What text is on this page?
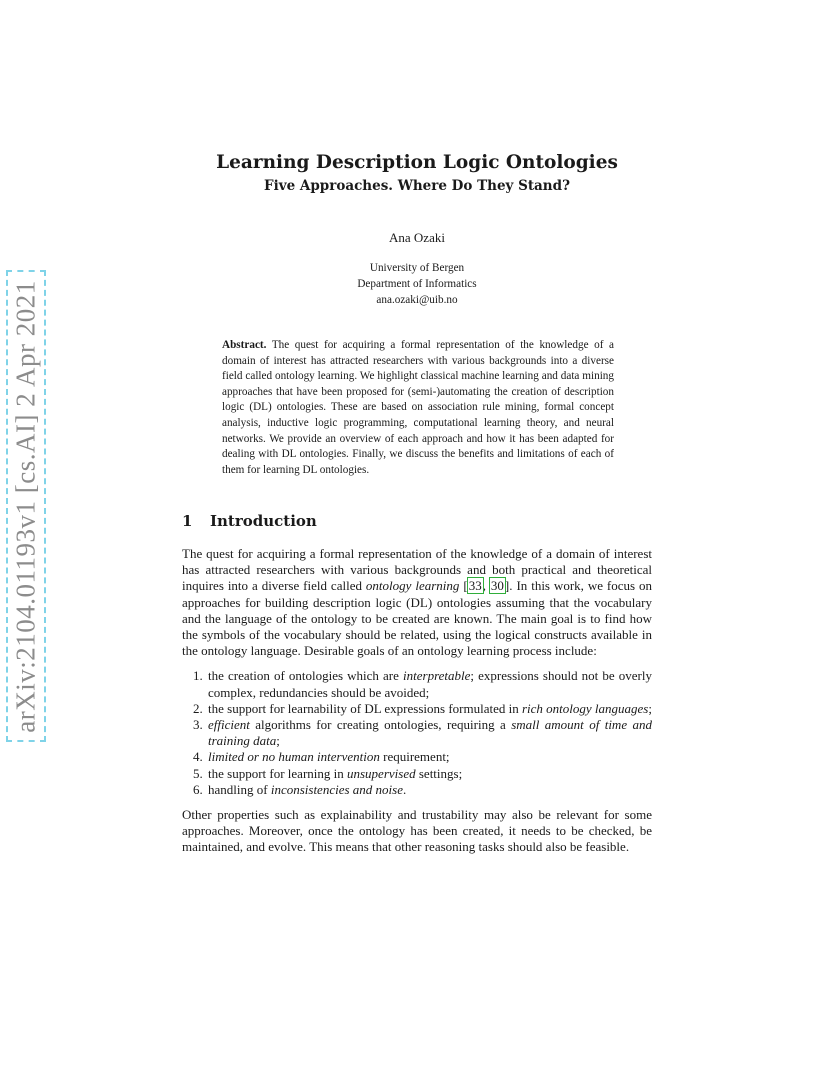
arXiv:2104.01193v1 [cs.AI] 2 Apr 2021
Learning Description Logic Ontologies
Five Approaches. Where Do They Stand?
Ana Ozaki
University of Bergen
Department of Informatics
ana.ozaki@uib.no
Abstract. The quest for acquiring a formal representation of the knowledge of a domain of interest has attracted researchers with various backgrounds into a diverse field called ontology learning. We highlight classical machine learning and data mining approaches that have been proposed for (semi-)automating the creation of description logic (DL) ontologies. These are based on association rule mining, formal concept analysis, inductive logic programming, computational learning theory, and neural networks. We provide an overview of each approach and how it has been adapted for dealing with DL ontologies. Finally, we discuss the benefits and limitations of each of them for learning DL ontologies.
1 Introduction

The quest for acquiring a formal representation of the knowledge of a domain of interest has attracted researchers with various backgrounds and both practical and theoretical inquires into a diverse field called ontology learning [33, 30]. In this work, we focus on approaches for building description logic (DL) ontologies assuming that the vocabulary and the language of the ontology to be created are known. The main goal is to find how the symbols of the vocabulary should be related, using the logical constructs available in the ontology language. Desirable goals of an ontology learning process include:

1. the creation of ontologies which are interpretable; expressions should not be overly complex, redundancies should be avoided;
2. the support for learnability of DL expressions formulated in rich ontology languages;
3. efficient algorithms for creating ontologies, requiring a small amount of time and training data;
4. limited or no human intervention requirement;
5. the support for learning in unsupervised settings;
6. handling of inconsistencies and noise.

Other properties such as explainability and trustability may also be relevant for some approaches. Moreover, once the ontology has been created, it needs to be checked, be maintained, and evolve. This means that other reasoning tasks should also be feasible.
